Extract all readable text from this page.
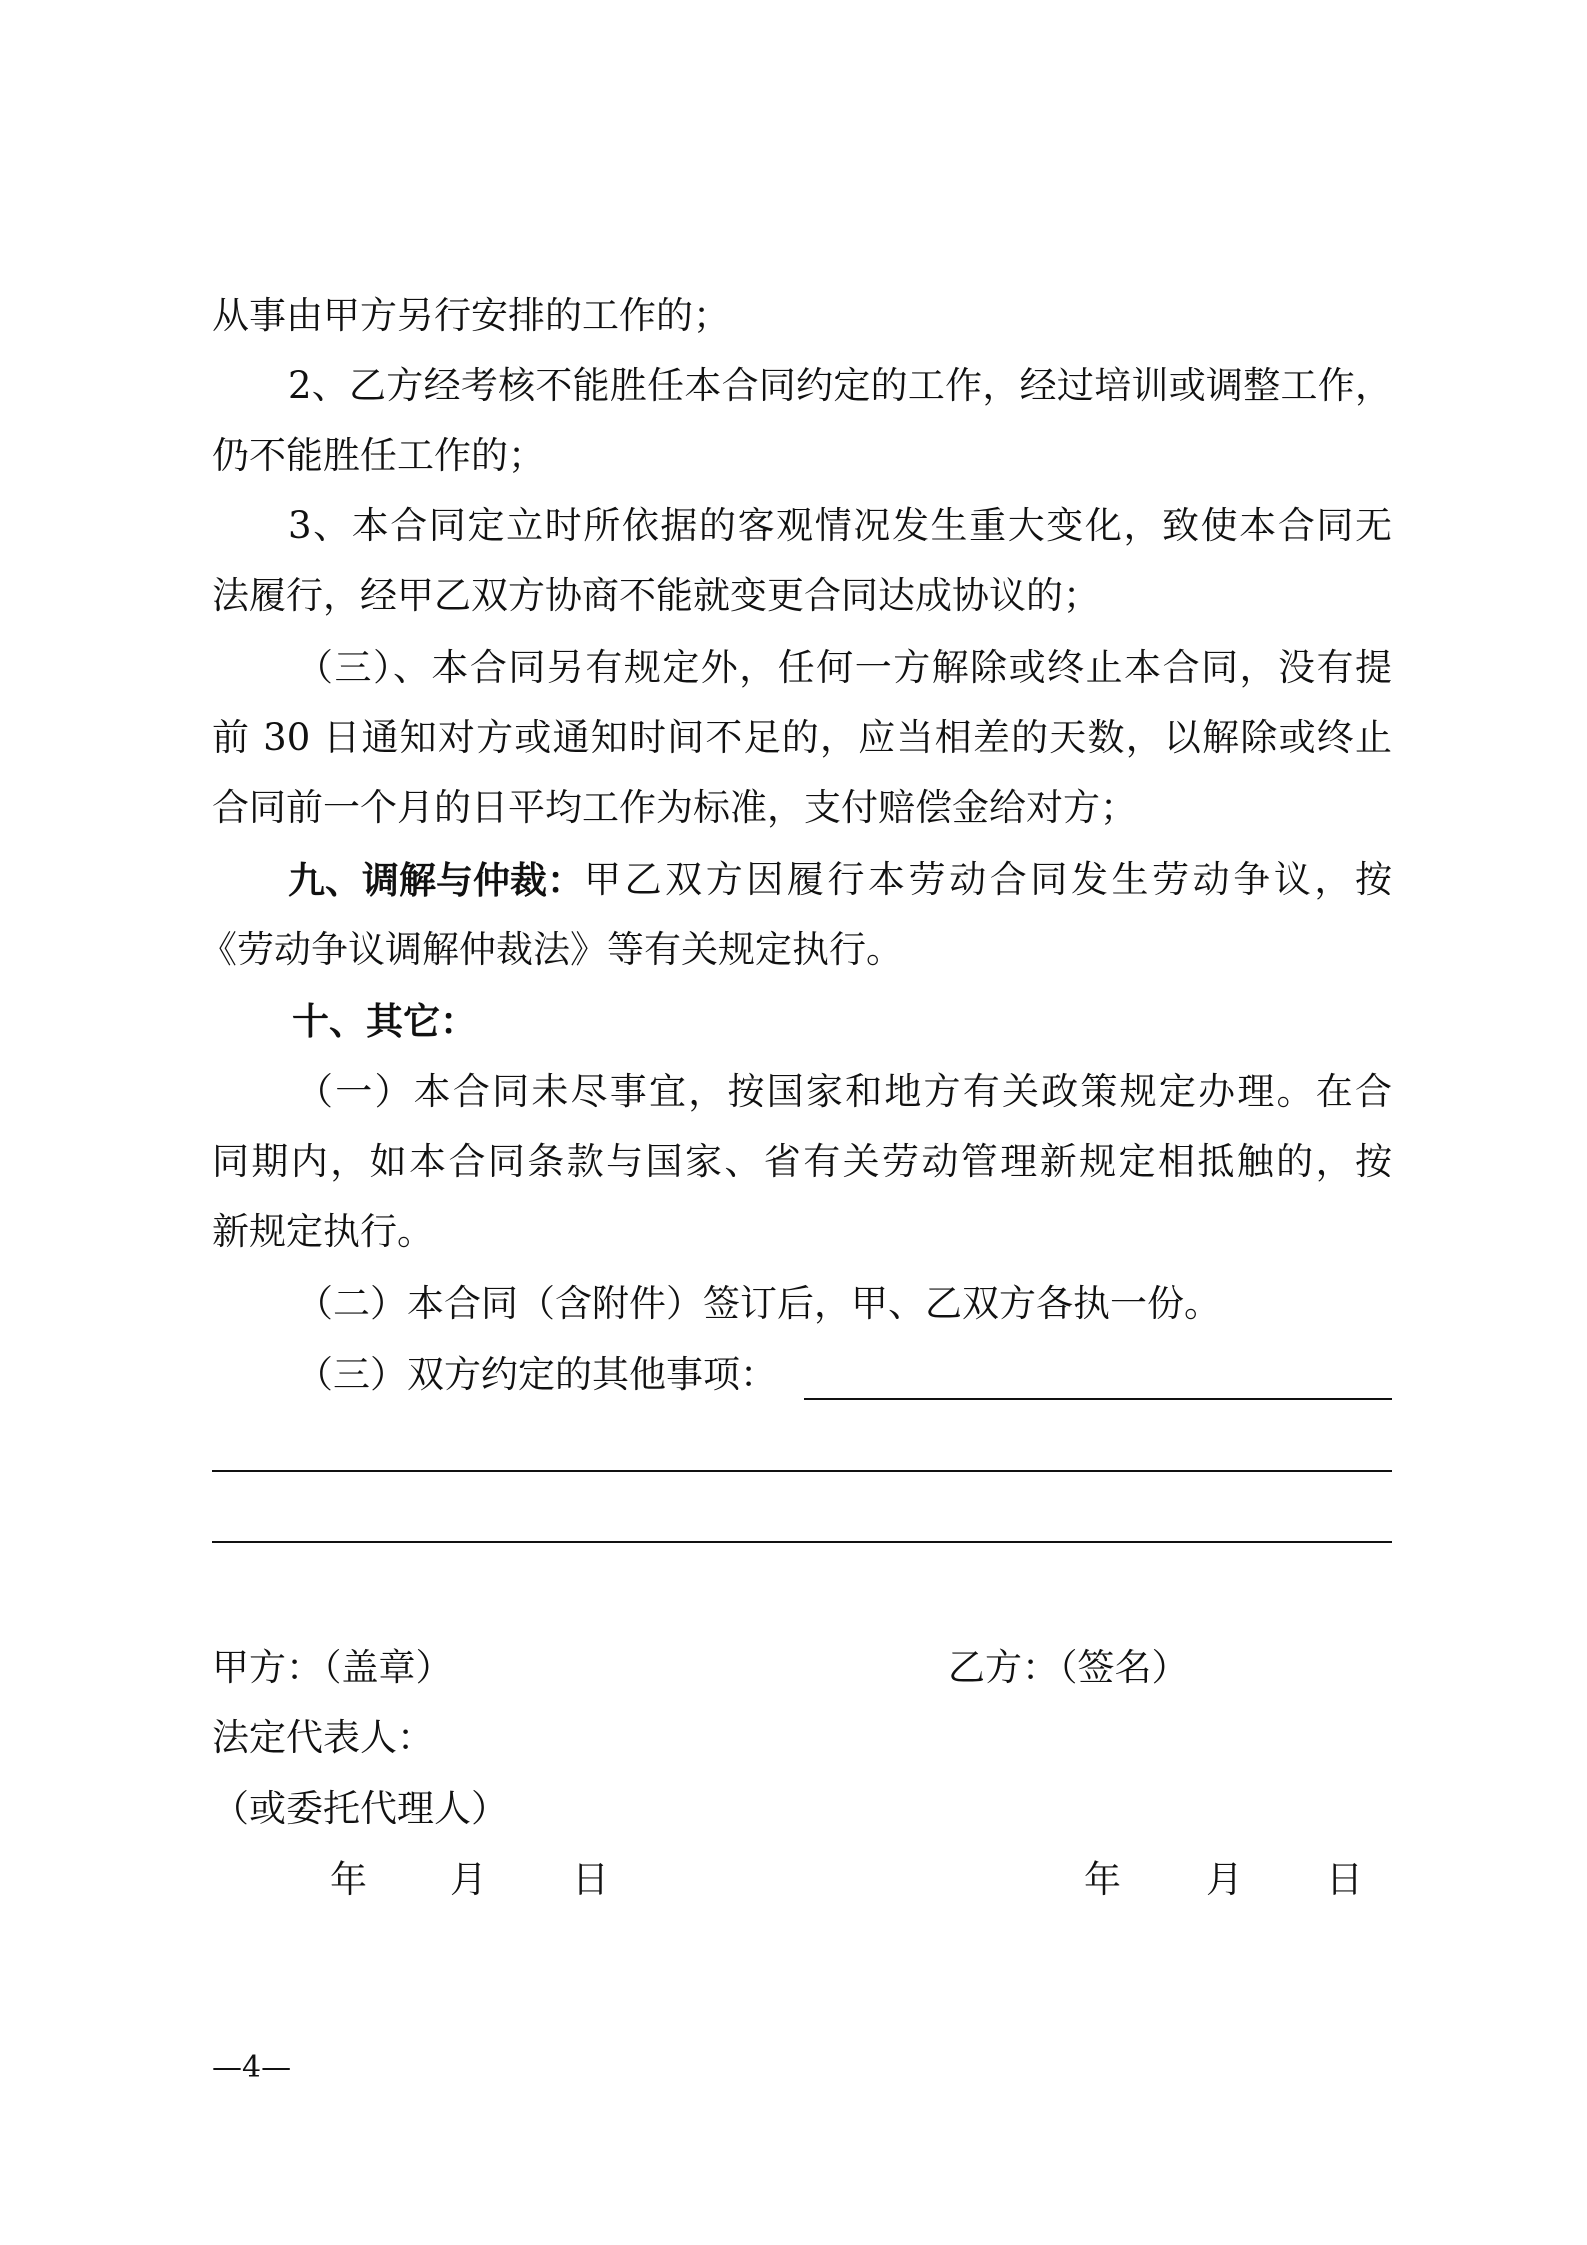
从事由甲方另行安排的工作的；
2、乙方经考核不能胜任本合同约定的工作，经过培训或调整工作，
仍不能胜任工作的；
3、本合同定立时所依据的客观情况发生重大变化，致使本合同无
法履行，经甲乙双方协商不能就变更合同达成协议的；
（三）、本合同另有规定外，任何一方解除或终止本合同，没有提
前 30 日通知对方或通知时间不足的，应当相差的天数，以解除或终止
合同前一个月的日平均工作为标准，支付赔偿金给对方；
九、调解与仲裁： 甲乙双方因履行本劳动合同发生劳动争议，按
《劳动争议调解仲裁法》等有关规定执行。
十、其它：
（一）本合同未尽事宜，按国家和地方有关政策规定办理。在合
同期内，如本合同条款与国家、省有关劳动管理新规定相抵触的，按
新规定执行。
（二）本合同（含附件）签订后，甲、乙双方各执一份。
（三）双方约定的其他事项：
甲方：（盖章）	乙方：（签名）
法定代表人：
（或委托代理人）
年 月 日	年 月 日
—4—
